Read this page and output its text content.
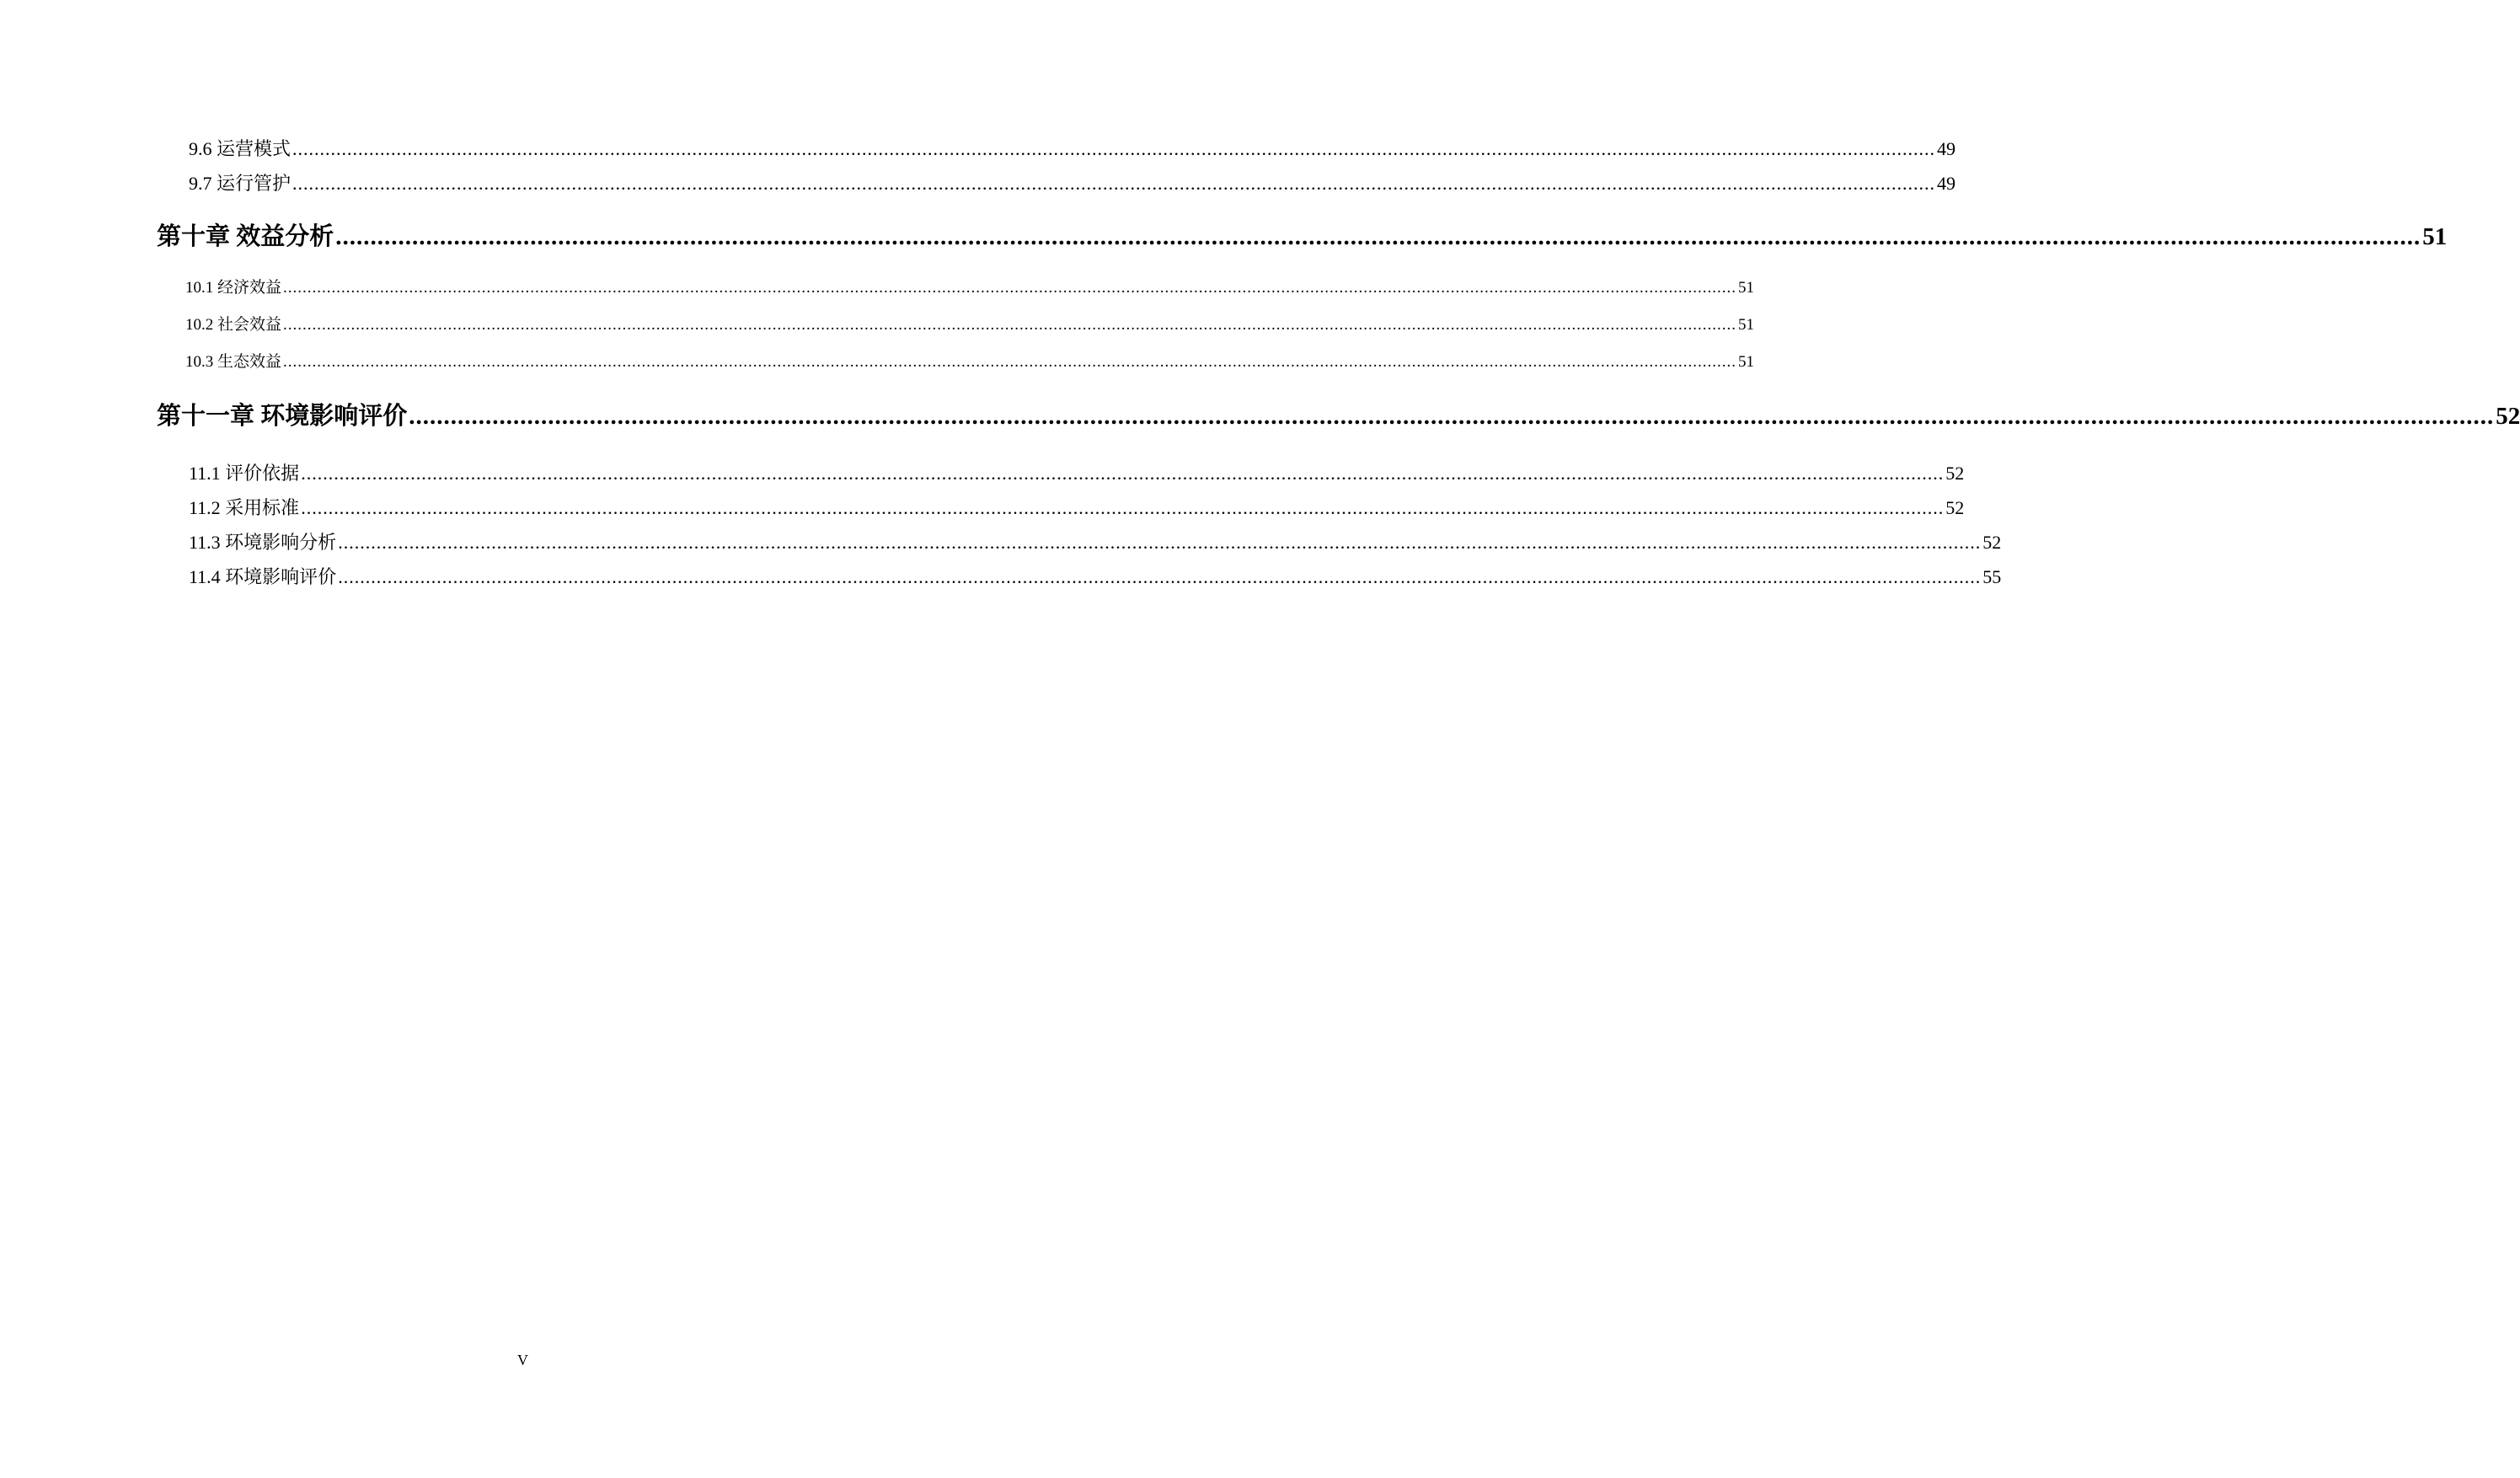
9.6 运营模式 ............................................................................................................................................................................................................................................................................................................ 49
9.7 运行管护 ............................................................................................................................................................................................................................................................................................................ 49
第十章 效益分析 ............................................................................................................................................................................................................................................................................................................ 51
10.1 经济效益 ............................................................................................................................................................................................................................................................................................................ 51
10.2 社会效益 ............................................................................................................................................................................................................................................................................................................ 51
10.3 生态效益 ............................................................................................................................................................................................................................................................................................................ 51
第十一章 环境影响评价 ............................................................................................................................................................................................................................................................................................................ 52
11.1 评价依据 ............................................................................................................................................................................................................................................................................................................ 52
11.2 采用标准 ............................................................................................................................................................................................................................................................................................................ 52
11.3 环境影响分析 ............................................................................................................................................................................................................................................................................................................ 52
11.4 环境影响评价 ............................................................................................................................................................................................................................................................................................................ 55
V
